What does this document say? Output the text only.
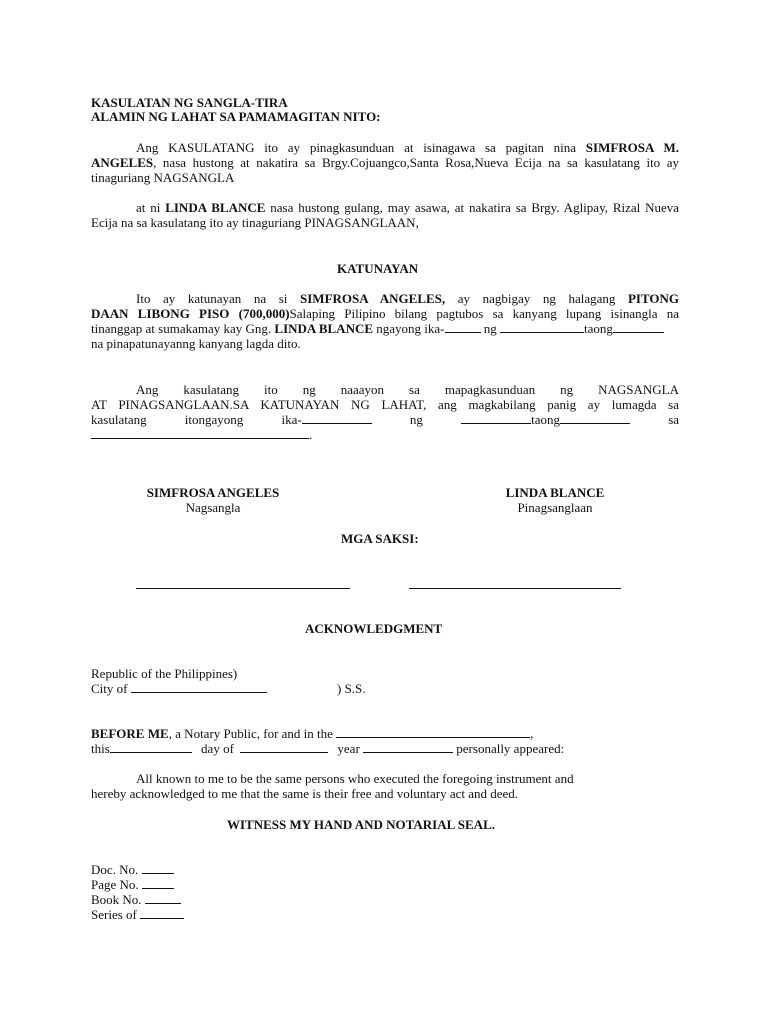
KASULATAN NG SANGLA-TIRA
ALAMIN NG LAHAT SA PAMAMAGITAN NITO:
Ang KASULATANG ito ay pinagkasunduan at isinagawa sa pagitan nina SIMFROSA M.
ANGELES, nasa hustong at nakatira sa Brgy.Cojuangco,Santa Rosa,Nueva Ecija na sa kasulatang ito ay
tinaguriang NAGSANGLA
at ni LINDA BLANCE nasa hustong gulang, may asawa, at nakatira sa Brgy. Aglipay, Rizal Nueva
Ecija na sa kasulatang ito ay tinaguriang PINAGSANGLAAN,
KATUNAYAN
Ito ay katunayan na si SIMFROSA ANGELES, ay nagbigay ng halagang PITONG
DAAN LIBONG PISO (700,000)Salaping Pilipino bilang pagtubos sa kanyang lupang isinangla na
tinanggap at sumakamay kay Gng. LINDA BLANCE ngayong ika-	ng	taong
na pinapatunayanng kanyang lagda dito.
Ang kasulatang ito ng naaayon sa mapagkasunduan ng NAGSANGLA
AT PINAGSANGLAAN.SA KATUNAYAN NG LAHAT, ang magkabilang panig ay lumagda sa
kasulatang	itongayong	ika-	ng	taong	sa
.
SIMFROSA ANGELES
Nagsangla
LINDA BLANCE
Pinagsanglaan
MGA SAKSI:
ACKNOWLEDGMENT
Republic of the Philippines)
City of	) S.S.
BEFORE ME, a Notary Public, for and in the	,
this	day of	year	personally appeared:
All known to me to be the same persons who executed the foregoing instrument and
hereby acknowledged to me that the same is their free and voluntary act and deed.
WITNESS MY HAND AND NOTARIAL SEAL.
Doc. No.
Page No.
Book No.
Series of
